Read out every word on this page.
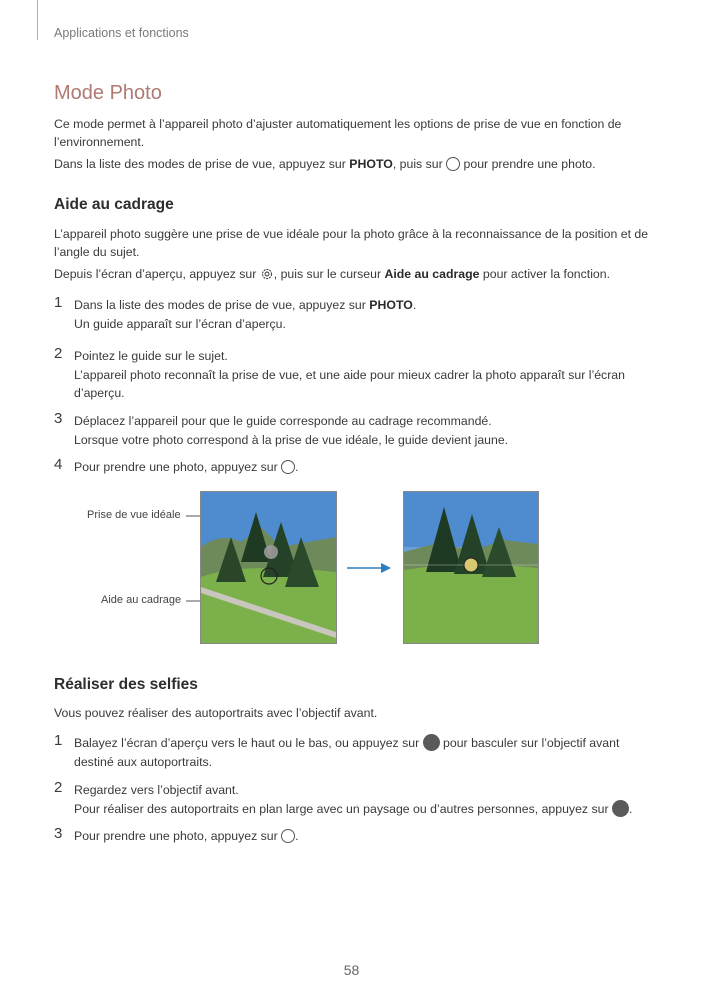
Applications et fonctions
Mode Photo
Ce mode permet à l’appareil photo d’ajuster automatiquement les options de prise de vue en fonction de l’environnement.
Dans la liste des modes de prise de vue, appuyez sur PHOTO, puis sur  pour prendre une photo.
Aide au cadrage
L’appareil photo suggère une prise de vue idéale pour la photo grâce à la reconnaissance de la position et de l’angle du sujet.
Depuis l’écran d’aperçu, appuyez sur , puis sur le curseur Aide au cadrage pour activer la fonction.
1 Dans la liste des modes de prise de vue, appuyez sur PHOTO.
Un guide apparaît sur l’écran d’aperçu.
2 Pointez le guide sur le sujet.
L’appareil photo reconnaît la prise de vue, et une aide pour mieux cadrer la photo apparaît sur l’écran d’aperçu.
3 Déplacez l’appareil pour que le guide corresponde au cadrage recommandé.
Lorsque votre photo correspond à la prise de vue idéale, le guide devient jaune.
4 Pour prendre une photo, appuyez sur .
Prise de vue idéale
Aide au cadrage
Réaliser des selfies
Vous pouvez réaliser des autoportraits avec l’objectif avant.
1 Balayez l’écran d’aperçu vers le haut ou le bas, ou appuyez sur  pour basculer sur l’objectif avant destiné aux autoportraits.
2 Regardez vers l’objectif avant.
Pour réaliser des autoportraits en plan large avec un paysage ou d’autres personnes, appuyez sur .
3 Pour prendre une photo, appuyez sur .
58
